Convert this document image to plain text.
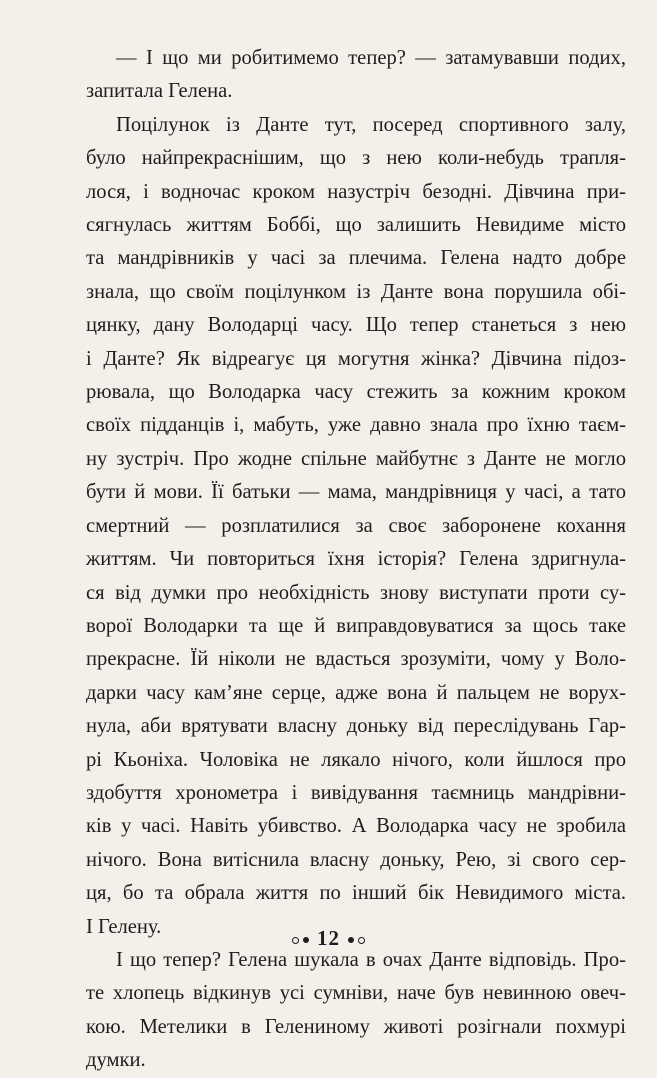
— І що ми робитимемо тепер? — затамувавши подих,
запитала Гелена.
Поцілунок із Данте тут, посеред спортивного залу,
було найпрекраснішим, що з нею коли-небудь трапля-
лося, і водночас кроком назустріч безодні. Дівчина при-
сягнулась життям Боббі, що залишить Невидиме місто
та мандрівників у часі за плечима. Гелена надто добре
знала, що своїм поцілунком із Данте вона порушила обі-
цянку, дану Володарці часу. Що тепер станеться з нею
і Данте? Як відреагує ця могутня жінка? Дівчина підоз-
рювала, що Володарка часу стежить за кожним кроком
своїх підданців і, мабуть, уже давно знала про їхню таєм-
ну зустріч. Про жодне спільне майбутнє з Данте не могло
бути й мови. Її батьки — мама, мандрівниця у часі, а тато
смертний — розплатилися за своє заборонене кохання
життям. Чи повториться їхня історія? Гелена здригнула-
ся від думки про необхідність знову виступати проти су-
ворої Володарки та ще й виправдовуватися за щось таке
прекрасне. Їй ніколи не вдасться зрозуміти, чому у Воло-
дарки часу кам’яне серце, адже вона й пальцем не ворух-
нула, аби врятувати власну доньку від переслідувань Гар-
рі Кьоніха. Чоловіка не лякало нічого, коли йшлося про
здобуття хронометра і вивідування таємниць мандрівни-
ків у часі. Навіть убивство. А Володарка часу не зробила
нічого. Вона витіснила власну доньку, Рею, зі свого сер-
ця, бо та обрала життя по інший бік Невидимого міста.
І Гелену.
І що тепер? Гелена шукала в очах Данте відповідь. Про-
те хлопець відкинув усі сумніви, наче був невинною овеч-
кою. Метелики в Гелениному животі розігнали похмурі
думки.
12
